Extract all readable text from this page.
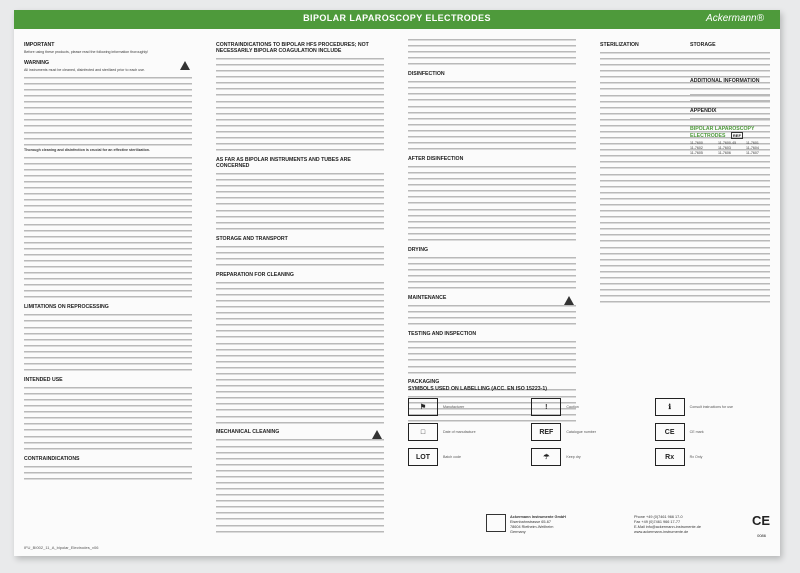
BIPOLAR LAPAROSCOPY ELECTRODES	Ackermann®
IMPORTANT

Before using these products, please read the following information thoroughly!

WARNING

All instruments must be cleaned, disinfected and sterilized prior to each use.

Thorough cleaning and disinfection is crucial for an effective sterilization.

LIMITATIONS ON REPROCESSING
INTENDED USE
CONTRAINDICATIONS
CONTRAINDICATIONS TO BIPOLAR HFS PROCEDURES; NOT NECESSARILY BIPOLAR COAGULATION INCLUDE
AS FAR AS BIPOLAR INSTRUMENTS AND TUBES ARE CONCERNED
STORAGE AND TRANSPORT
PREPARATION FOR CLEANING
MECHANICAL CLEANING
DISINFECTION
AFTER DISINFECTION
DRYING
MAINTENANCE
TESTING AND INSPECTION
PACKAGING
STERILIZATION	STORAGE
ADDITIONAL INFORMATION
APPENDIX
BIPOLAR LAPAROSCOPY ELECTRODES REF
11-7600	11-7600-45	11-7601
11-7602	11-7603	11-7604
11-7605	11-7606	11-7607
SYMBOLS USED ON LABELLING (ACC. EN ISO 15223-1)
⚑	Manufacturer	!	Caution	ℹ	Consult instructions for use
□	Date of manufacture	REF	Catalogue number	CE	CE mark
LOT	Batch code	☂	Keep dry	Rx	Rx Only
Ackermann Instrumente GmbH
Eisenbahnstrasse 65-67
78604 Rietheim-Weilheim
Germany
Phone +49 (0)7461 966 17-0
Fax +49 (0)7461 966 17-77
E-Mail info@ackermann-instrumente.de
www.ackermann-instrumente.de
CE
0086
IFU_BI002_11_A_bipolar_Electrodes_v06
